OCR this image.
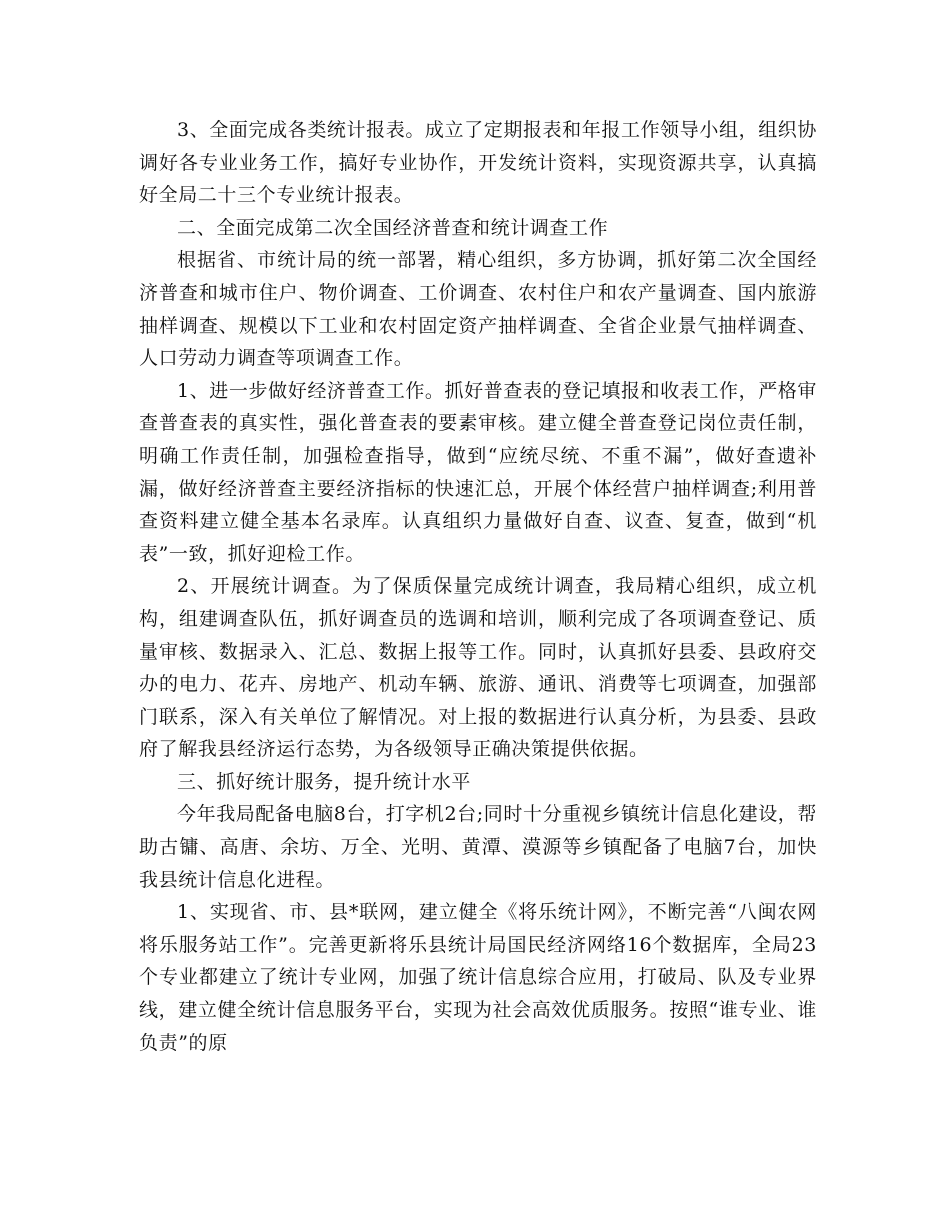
3、全面完成各类统计报表。成立了定期报表和年报工作领导小组，组织协调好各专业业务工作，搞好专业协作，开发统计资料，实现资源共享，认真搞好全局二十三个专业统计报表。

二、全面完成第二次全国经济普查和统计调查工作

根据省、市统计局的统一部署，精心组织，多方协调，抓好第二次全国经济普查和城市住户、物价调查、工价调查、农村住户和农产量调查、国内旅游抽样调查、规模以下工业和农村固定资产抽样调查、全省企业景气抽样调查、人口劳动力调查等项调查工作。

1、进一步做好经济普查工作。抓好普查表的登记填报和收表工作，严格审查普查表的真实性，强化普查表的要素审核。建立健全普查登记岗位责任制，明确工作责任制，加强检查指导，做到“应统尽统、不重不漏”，做好查遗补漏，做好经济普查主要经济指标的快速汇总，开展个体经营户抽样调查;利用普查资料建立健全基本名录库。认真组织力量做好自查、议查、复查，做到“机表”一致，抓好迎检工作。

2、开展统计调查。为了保质保量完成统计调查，我局精心组织，成立机构，组建调查队伍，抓好调查员的选调和培训，顺利完成了各项调查登记、质量审核、数据录入、汇总、数据上报等工作。同时，认真抓好县委、县政府交办的电力、花卉、房地产、机动车辆、旅游、通讯、消费等七项调查，加强部门联系，深入有关单位了解情况。对上报的数据进行认真分析，为县委、县政府了解我县经济运行态势，为各级领导正确决策提供依据。

三、抓好统计服务，提升统计水平

今年我局配备电脑8台，打字机2台;同时十分重视乡镇统计信息化建设，帮助古镛、高唐、余坊、万全、光明、黄潭、漠源等乡镇配备了电脑7台，加快我县统计信息化进程。

1、实现省、市、县*联网，建立健全《将乐统计网》，不断完善“八闽农网将乐服务站工作”。完善更新将乐县统计局国民经济网络16个数据库，全局23个专业都建立了统计专业网，加强了统计信息综合应用，打破局、队及专业界线，建立健全统计信息服务平台，实现为社会高效优质服务。按照“谁专业、谁负责”的原
